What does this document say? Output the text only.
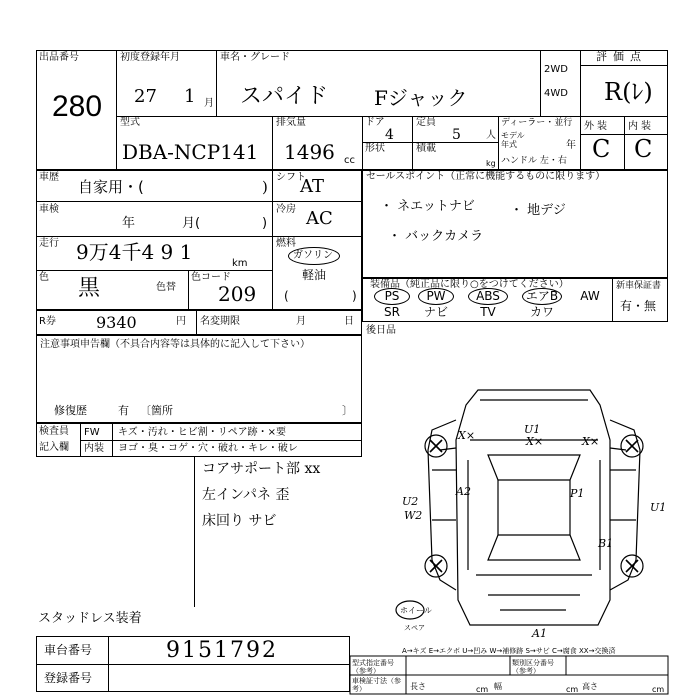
出品番号
280
初度登録年月
27 1 月
車名・グレード
スパイド Fジャック
2WD
4WD
評価点
R(ﾚ)
型式
DBA-NCP141
排気量
1496 cc
ドア
4
定員
5	人
形状	積載
kg
ディーラー・並行
モデル年式	年
ハンドル 左・右
外装 内装
C C
車歴
自家用・(	)
シフト
AT
車検
年	月(	)
冷房 AC
走行 9万4千4 9 1	km
燃料
ガソリン
軽油
(	)
色 黒	色替
色コード
209
R券	9340	円 名変期限	月	日
セールスポイント（正常に機能するものに限ります）
・ ネエットナビ	・ 地デジ
・ バックカメラ
装備品（純正品に限り○をつけてください）	新車保証書
有・無
PS	PW	ABS	エアB AW
SR	ナビ	TV	カワ
後日品
注意事項申告欄（不具合内容等は具体的に記入して下さい）
修復歴	有 〔箇所	〕
検査員
記入欄
FW
内装
キズ・汚れ・ヒビ割・リペア跡・×要
ヨゴ・臭・コゲ・穴・破れ・キレ・破レ
コアサポート部 xx
左インパネ 歪
床回り サビ
スタッドレス装着
車台番号	9151792
登録番号
U1
X×
X×	X×
A2
U2
W2
U1
B1
A1
P1
ホイール
スペア
A→キズ E→エクボ U→凹み W→補修跡 S→サビ C→腐食 XX→交換済
型式指定番号（参考）
類別区分番号（参考）
車検証寸法（参考）	長さ	cm 幅	cm 高さ	cm
